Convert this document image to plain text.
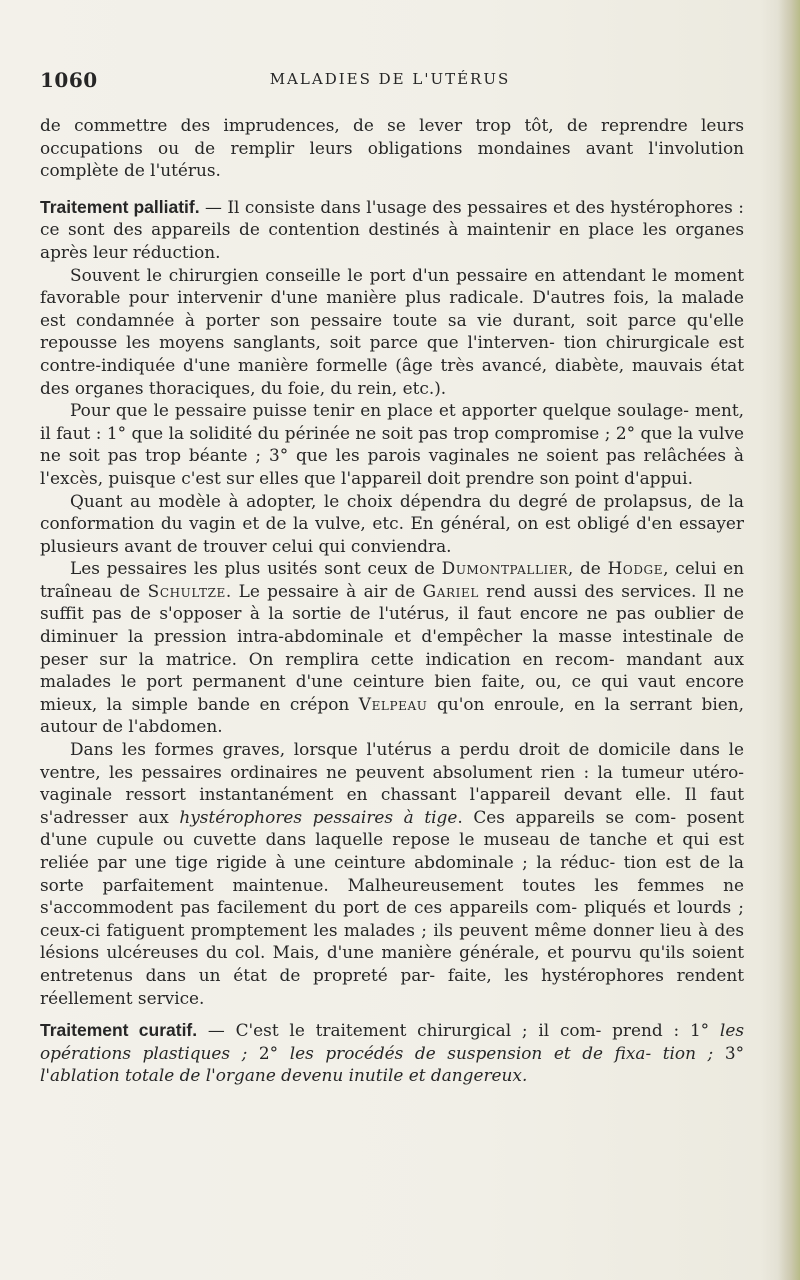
1060	MALADIES DE L'UTÉRUS

de commettre des imprudences, de se lever trop tôt, de reprendre leurs occupations ou de remplir leurs obligations mondaines avant l'involution complète de l'utérus.

Traitement palliatif. — Il consiste dans l'usage des pessaires et des hystérophores : ce sont des appareils de contention destinés à maintenir en place les organes après leur réduction.

Souvent le chirurgien conseille le port d'un pessaire en attendant le moment favorable pour intervenir d'une manière plus radicale. D'autres fois, la malade est condamnée à porter son pessaire toute sa vie durant, soit parce qu'elle repousse les moyens sanglants, soit parce que l'interven- tion chirurgicale est contre-indiquée d'une manière formelle (âge très avancé, diabète, mauvais état des organes thoraciques, du foie, du rein, etc.).

Pour que le pessaire puisse tenir en place et apporter quelque soulage- ment, il faut : 1° que la solidité du périnée ne soit pas trop compromise ; 2° que la vulve ne soit pas trop béante ; 3° que les parois vaginales ne soient pas relâchées à l'excès, puisque c'est sur elles que l'appareil doit prendre son point d'appui.

Quant au modèle à adopter, le choix dépendra du degré de prolapsus, de la conformation du vagin et de la vulve, etc. En général, on est obligé d'en essayer plusieurs avant de trouver celui qui conviendra.

Les pessaires les plus usités sont ceux de Dumontpallier, de Hodge, celui en traîneau de Schultze. Le pessaire à air de Gariel rend aussi des services. Il ne suffit pas de s'opposer à la sortie de l'utérus, il faut encore ne pas oublier de diminuer la pression intra-abdominale et d'empêcher la masse intestinale de peser sur la matrice. On remplira cette indication en recom- mandant aux malades le port permanent d'une ceinture bien faite, ou, ce qui vaut encore mieux, la simple bande en crépon Velpeau qu'on enroule, en la serrant bien, autour de l'abdomen.

Dans les formes graves, lorsque l'utérus a perdu droit de domicile dans le ventre, les pessaires ordinaires ne peuvent absolument rien : la tumeur utéro-vaginale ressort instantanément en chassant l'appareil devant elle. Il faut s'adresser aux hystérophores pessaires à tige. Ces appareils se com- posent d'une cupule ou cuvette dans laquelle repose le museau de tanche et qui est reliée par une tige rigide à une ceinture abdominale ; la réduc- tion est de la sorte parfaitement maintenue. Malheureusement toutes les femmes ne s'accommodent pas facilement du port de ces appareils com- pliqués et lourds ; ceux-ci fatiguent promptement les malades ; ils peuvent même donner lieu à des lésions ulcéreuses du col. Mais, d'une manière générale, et pourvu qu'ils soient entretenus dans un état de propreté par- faite, les hystérophores rendent réellement service.

Traitement curatif. — C'est le traitement chirurgical ; il com- prend : 1° les opérations plastiques ; 2° les procédés de suspension et de fixa- tion ; 3° l'ablation totale de l'organe devenu inutile et dangereux.
